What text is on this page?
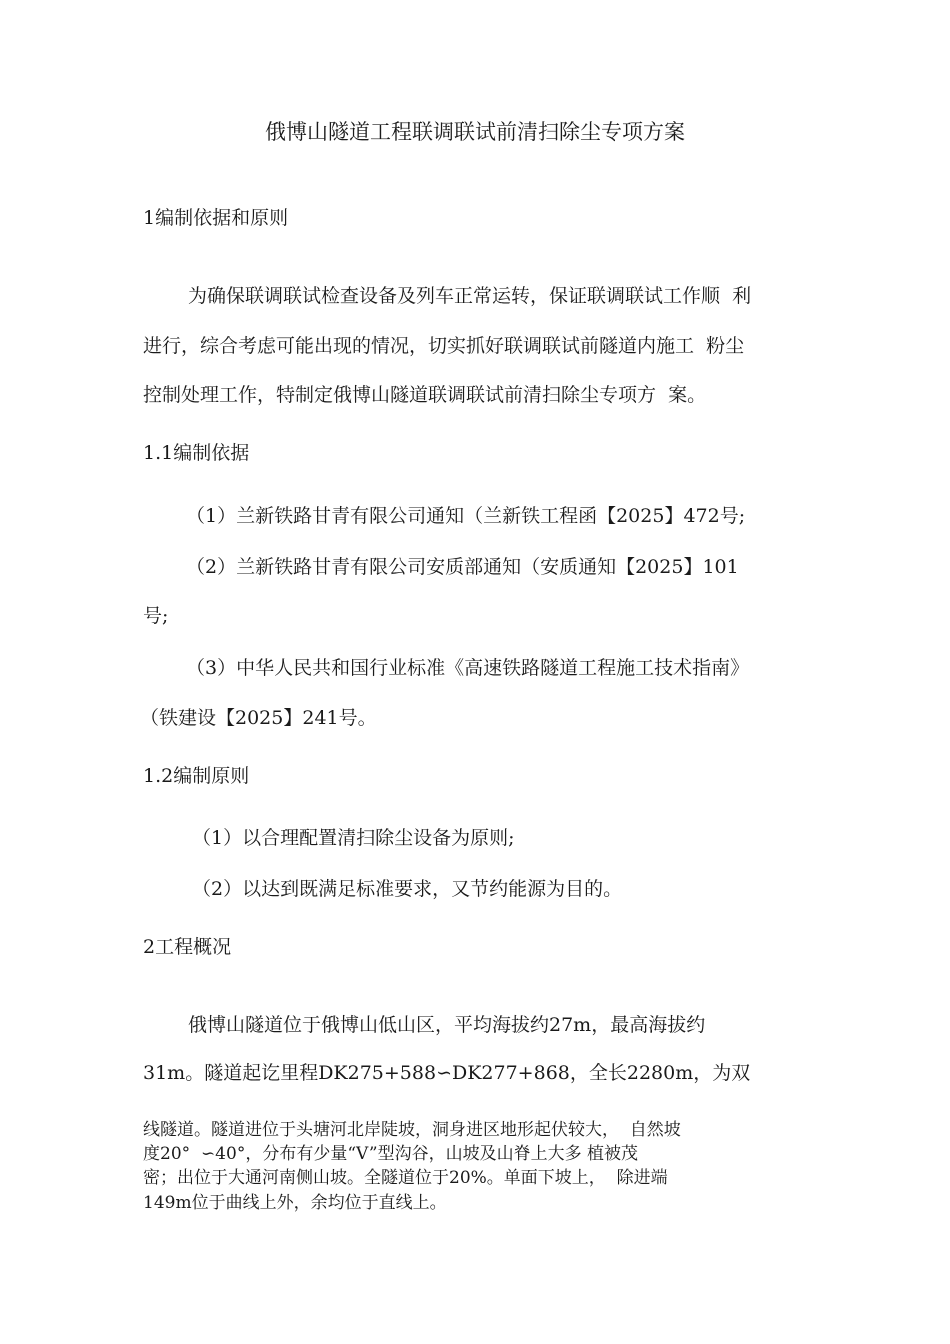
俄博山隧道工程联调联试前清扫除尘专项方案
1编制依据和原则
为确保联调联试检查设备及列车正常运转，保证联调联试工作顺  利
进行，综合考虑可能出现的情况，切实抓好联调联试前隧道内施工  粉尘
控制处理工作，特制定俄博山隧道联调联试前清扫除尘专项方  案。
1.1编制依据
（1）兰新铁路甘青有限公司通知（兰新铁工程函【2025】472号;
（2）兰新铁路甘青有限公司安质部通知（安质通知【2025】101
号;
（3）中华人民共和国行业标准《高速铁路隧道工程施工技术指南》
（铁建设【2025】241号。
1.2编制原则
（1）以合理配置清扫除尘设备为原则;
（2）以达到既满足标准要求，又节约能源为目的。
2工程概况
俄博山隧道位于俄博山低山区，平均海拔约27m，最高海拔约
31m。隧道起讫里程DK275+588∽DK277+868，全长2280m，为双
线隧道。隧道进位于头塘河北岸陡坡，洞身进区地形起伏较大，  自然坡
度20°  ∽40°，分布有少量“V”型沟谷，山坡及山脊上大多 植被茂
密；出位于大通河南侧山坡。全隧道位于20%。单面下坡上，  除进端
149m位于曲线上外，余均位于直线上。
